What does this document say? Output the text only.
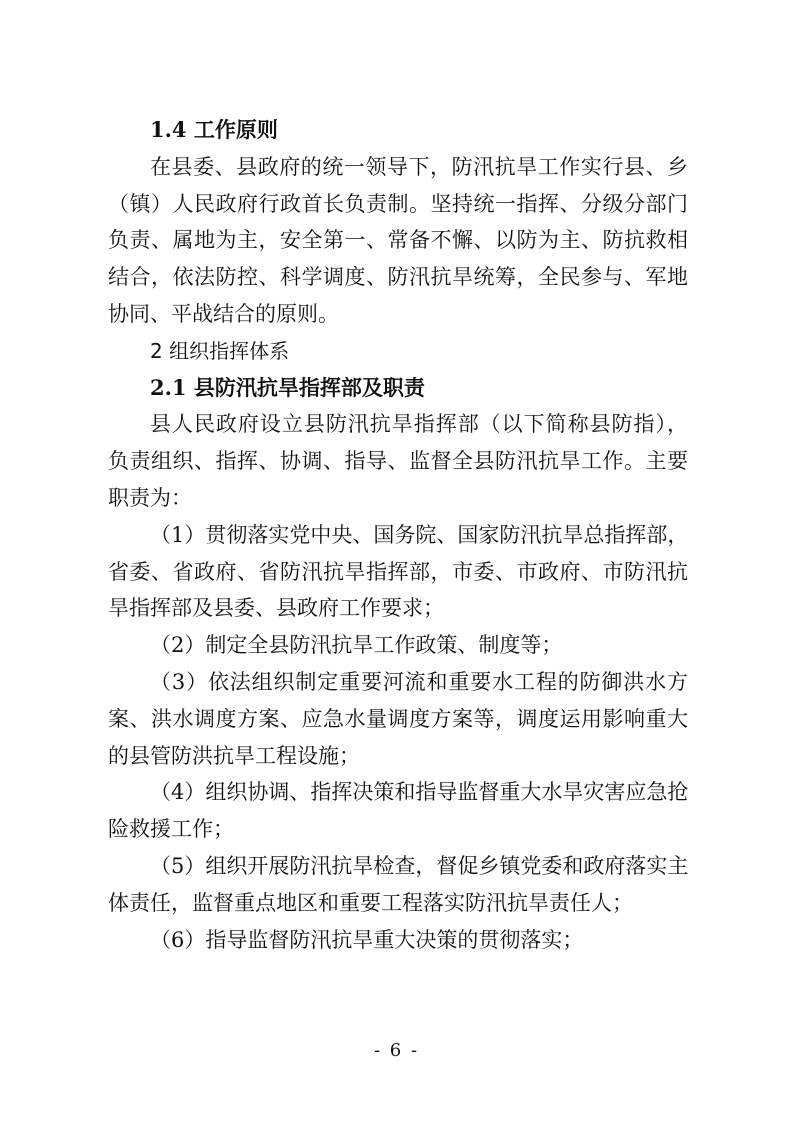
1.4 工作原则
在县委、县政府的统一领导下，防汛抗旱工作实行县、乡
（镇）人民政府行政首长负责制。坚持统一指挥、分级分部门
负责、属地为主，安全第一、常备不懈、以防为主、防抗救相
结合，依法防控、科学调度、防汛抗旱统筹，全民参与、军地
协同、平战结合的原则。
2 组织指挥体系
2.1 县防汛抗旱指挥部及职责
县人民政府设立县防汛抗旱指挥部（以下简称县防指），
负责组织、指挥、协调、指导、监督全县防汛抗旱工作。主要
职责为：
（1）贯彻落实党中央、国务院、国家防汛抗旱总指挥部，
省委、省政府、省防汛抗旱指挥部，市委、市政府、市防汛抗
旱指挥部及县委、县政府工作要求；
（2）制定全县防汛抗旱工作政策、制度等；
（3）依法组织制定重要河流和重要水工程的防御洪水方
案、洪水调度方案、应急水量调度方案等，调度运用影响重大
的县管防洪抗旱工程设施；
（4）组织协调、指挥决策和指导监督重大水旱灾害应急抢
险救援工作；
（5）组织开展防汛抗旱检查，督促乡镇党委和政府落实主
体责任，监督重点地区和重要工程落实防汛抗旱责任人；
（6）指导监督防汛抗旱重大决策的贯彻落实；
- 6 -
